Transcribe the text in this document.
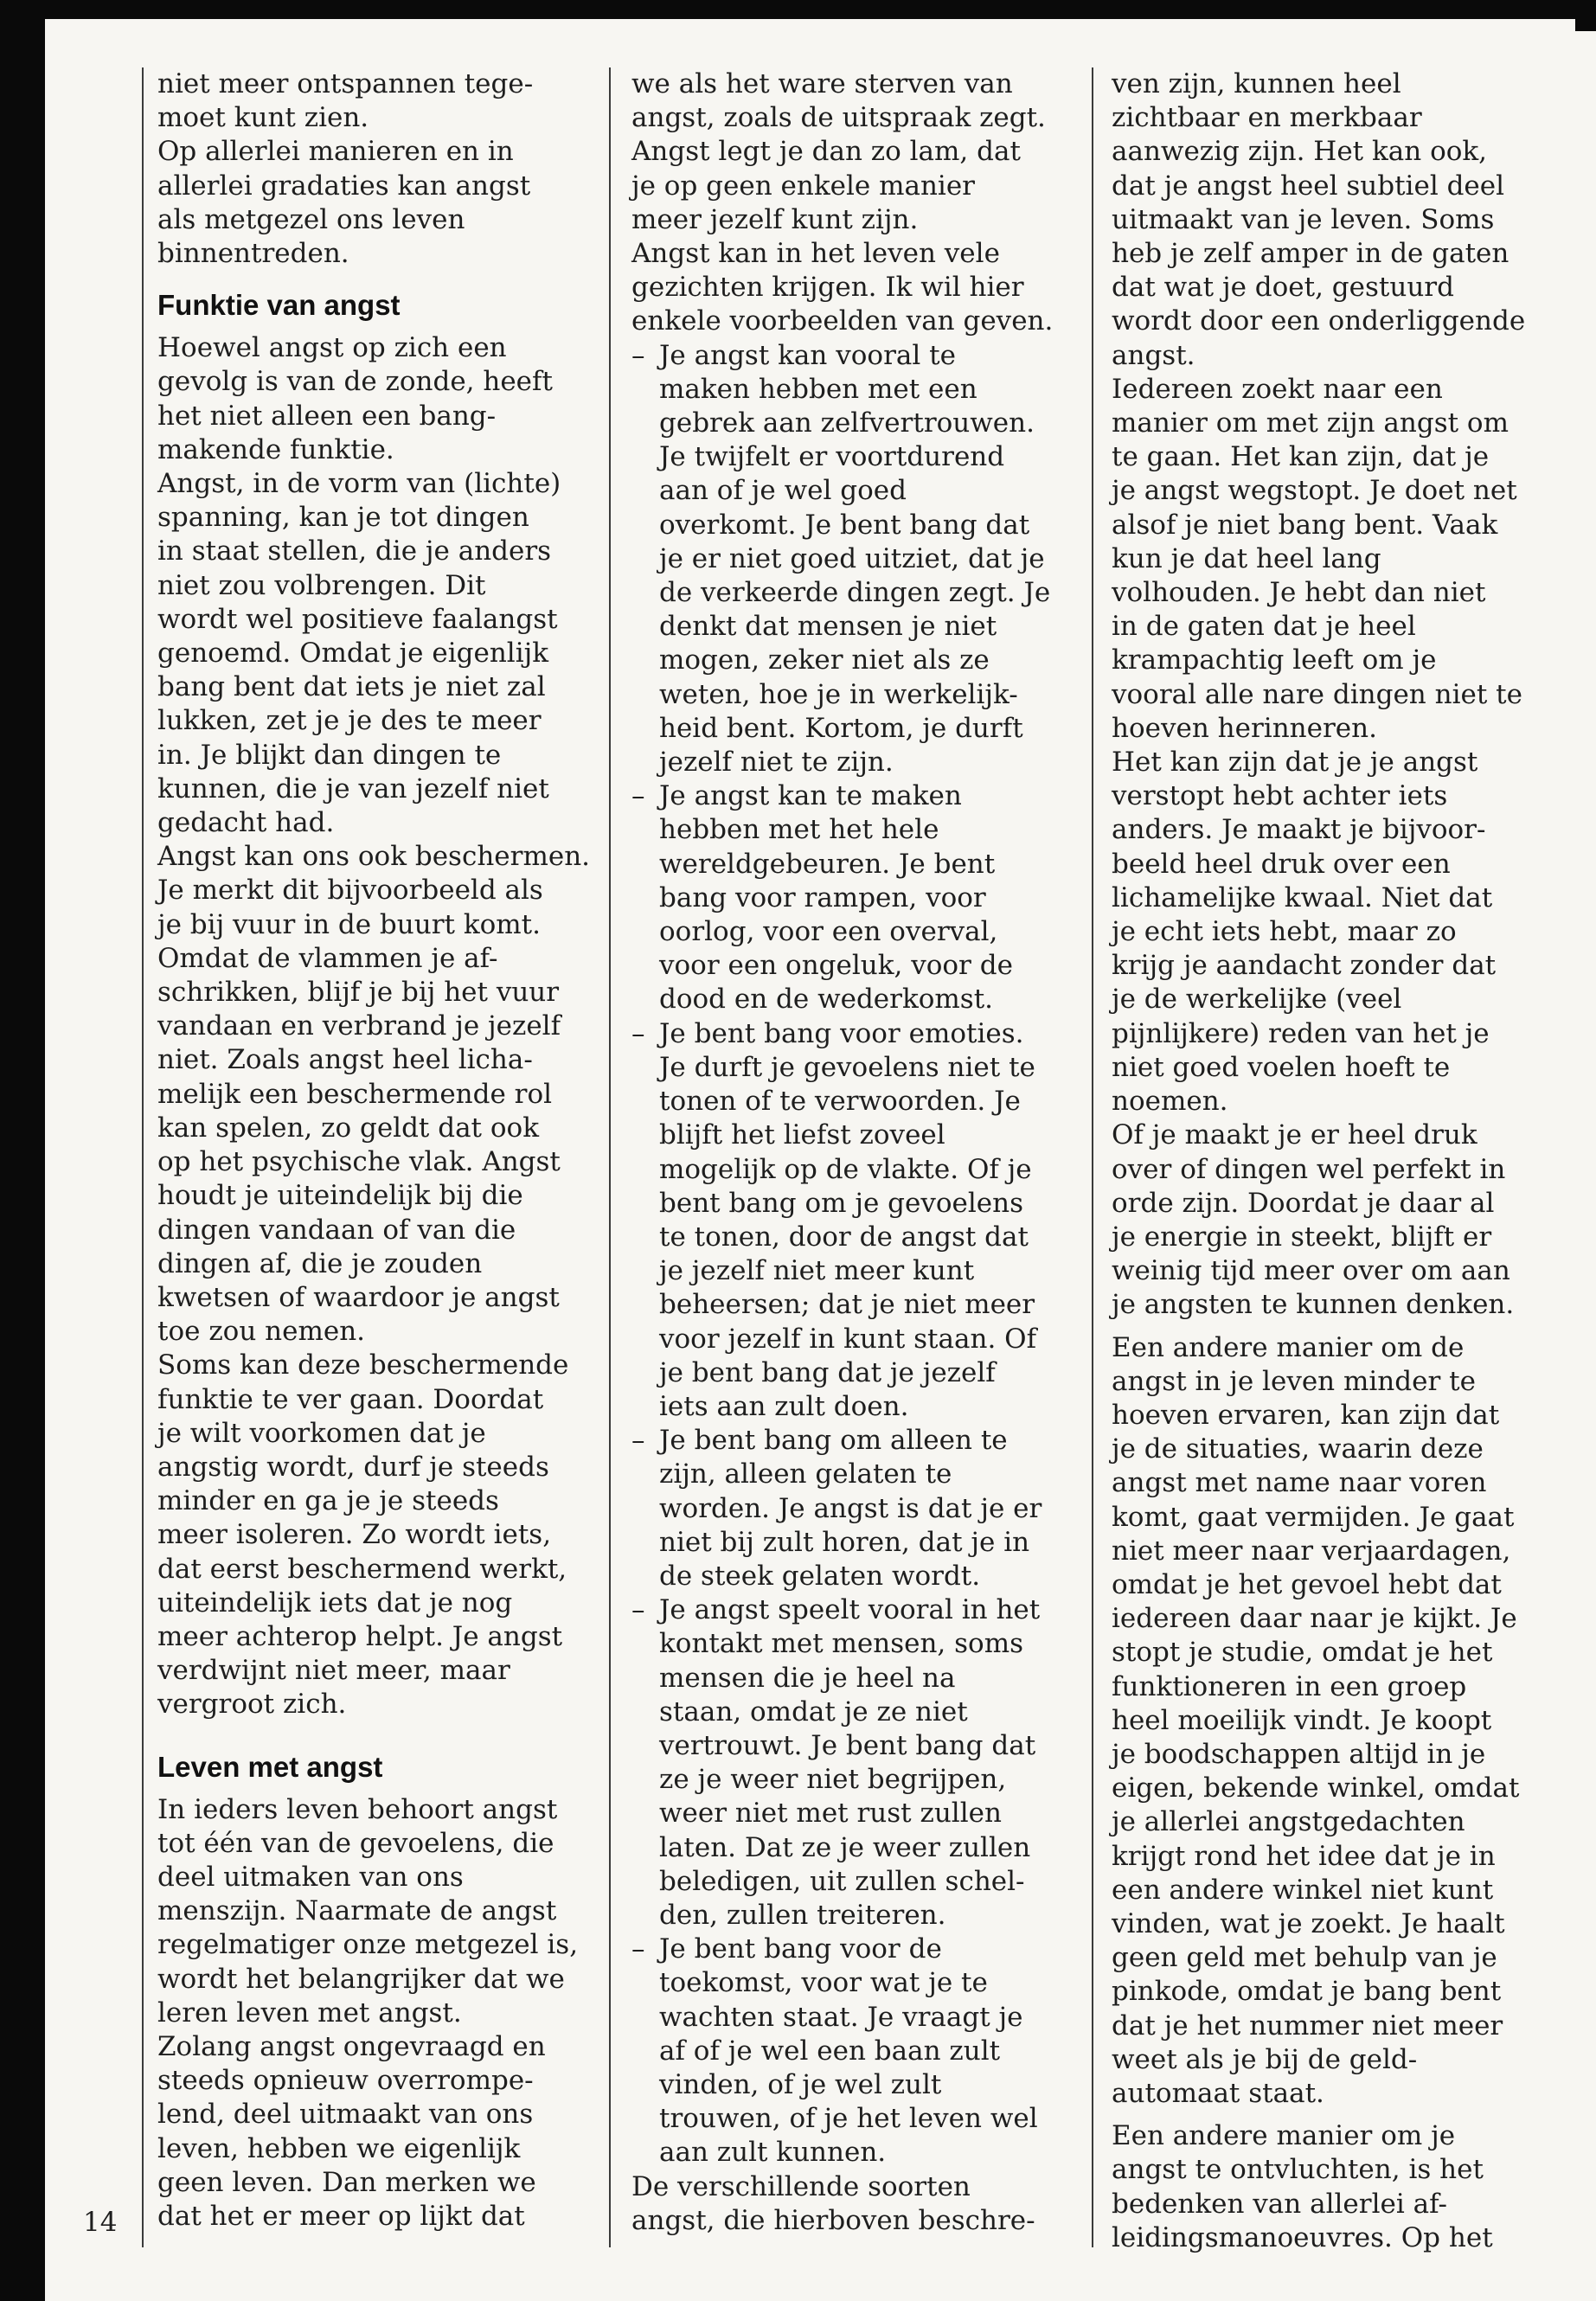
14

niet meer ontspannen tege-
moet kunt zien.

Op allerlei manieren en in
allerlei gradaties kan angst
als metgezel ons leven
binnentreden.

Funktie van angst

Hoewel angst op zich een
gevolg is van de zonde, heeft
het niet alleen een bang-
makende funktie.

Angst, in de vorm van (lichte)
spanning, kan je tot dingen
in staat stellen, die je anders
niet zou volbrengen. Dit
wordt wel positieve faalangst
genoemd. Omdat je eigenlijk
bang bent dat iets je niet zal
lukken, zet je je des te meer
in. Je blijkt dan dingen te
kunnen, die je van jezelf niet
gedacht had.

Angst kan ons ook beschermen.
Je merkt dit bijvoorbeeld als
je bij vuur in de buurt komt.
Omdat de vlammen je af-
schrikken, blijf je bij het vuur
vandaan en verbrand je jezelf
niet. Zoals angst heel licha-
melijk een beschermende rol
kan spelen, zo geldt dat ook
op het psychische vlak. Angst
houdt je uiteindelijk bij die
dingen vandaan of van die
dingen af, die je zouden
kwetsen of waardoor je angst
toe zou nemen.

Soms kan deze beschermende
funktie te ver gaan. Doordat
je wilt voorkomen dat je
angstig wordt, durf je steeds
minder en ga je je steeds
meer isoleren. Zo wordt iets,
dat eerst beschermend werkt,
uiteindelijk iets dat je nog
meer achterop helpt. Je angst
verdwijnt niet meer, maar
vergroot zich.

Leven met angst

In ieders leven behoort angst
tot één van de gevoelens, die
deel uitmaken van ons
menszijn. Naarmate de angst
regelmatiger onze metgezel is,
wordt het belangrijker dat we
leren leven met angst.

Zolang angst ongevraagd en
steeds opnieuw overrompe-
lend, deel uitmaakt van ons
leven, hebben we eigenlijk
geen leven. Dan merken we
dat het er meer op lijkt dat

we als het ware sterven van
angst, zoals de uitspraak zegt.
Angst legt je dan zo lam, dat
je op geen enkele manier
meer jezelf kunt zijn.

Angst kan in het leven vele
gezichten krijgen. Ik wil hier
enkele voorbeelden van geven.

– Je angst kan vooral te
maken hebben met een
gebrek aan zelfvertrouwen.
Je twijfelt er voortdurend
aan of je wel goed
overkomt. Je bent bang dat
je er niet goed uitziet, dat je
de verkeerde dingen zegt. Je
denkt dat mensen je niet
mogen, zeker niet als ze
weten, hoe je in werkelijk-
heid bent. Kortom, je durft
jezelf niet te zijn.
– Je angst kan te maken
hebben met het hele
wereldgebeuren. Je bent
bang voor rampen, voor
oorlog, voor een overval,
voor een ongeluk, voor de
dood en de wederkomst.
– Je bent bang voor emoties.
Je durft je gevoelens niet te
tonen of te verwoorden. Je
blijft het liefst zoveel
mogelijk op de vlakte. Of je
bent bang om je gevoelens
te tonen, door de angst dat
je jezelf niet meer kunt
beheersen; dat je niet meer
voor jezelf in kunt staan. Of
je bent bang dat je jezelf
iets aan zult doen.
– Je bent bang om alleen te
zijn, alleen gelaten te
worden. Je angst is dat je er
niet bij zult horen, dat je in
de steek gelaten wordt.
– Je angst speelt vooral in het
kontakt met mensen, soms
mensen die je heel na
staan, omdat je ze niet
vertrouwt. Je bent bang dat
ze je weer niet begrijpen,
weer niet met rust zullen
laten. Dat ze je weer zullen
beledigen, uit zullen schel-
den, zullen treiteren.
– Je bent bang voor de
toekomst, voor wat je te
wachten staat. Je vraagt je
af of je wel een baan zult
vinden, of je wel zult
trouwen, of je het leven wel
aan zult kunnen.

De verschillende soorten
angst, die hierboven beschre-

ven zijn, kunnen heel
zichtbaar en merkbaar
aanwezig zijn. Het kan ook,
dat je angst heel subtiel deel
uitmaakt van je leven. Soms
heb je zelf amper in de gaten
dat wat je doet, gestuurd
wordt door een onderliggende
angst.

Iedereen zoekt naar een
manier om met zijn angst om
te gaan. Het kan zijn, dat je
je angst wegstopt. Je doet net
alsof je niet bang bent. Vaak
kun je dat heel lang
volhouden. Je hebt dan niet
in de gaten dat je heel
krampachtig leeft om je
vooral alle nare dingen niet te
hoeven herinneren.

Het kan zijn dat je je angst
verstopt hebt achter iets
anders. Je maakt je bijvoor-
beeld heel druk over een
lichamelijke kwaal. Niet dat
je echt iets hebt, maar zo
krijg je aandacht zonder dat
je de werkelijke (veel
pijnlijkere) reden van het je
niet goed voelen hoeft te
noemen.

Of je maakt je er heel druk
over of dingen wel perfekt in
orde zijn. Doordat je daar al
je energie in steekt, blijft er
weinig tijd meer over om aan
je angsten te kunnen denken.

Een andere manier om de
angst in je leven minder te
hoeven ervaren, kan zijn dat
je de situaties, waarin deze
angst met name naar voren
komt, gaat vermijden. Je gaat
niet meer naar verjaardagen,
omdat je het gevoel hebt dat
iedereen daar naar je kijkt. Je
stopt je studie, omdat je het
funktioneren in een groep
heel moeilijk vindt. Je koopt
je boodschappen altijd in je
eigen, bekende winkel, omdat
je allerlei angstgedachten
krijgt rond het idee dat je in
een andere winkel niet kunt
vinden, wat je zoekt. Je haalt
geen geld met behulp van je
pinkode, omdat je bang bent
dat je het nummer niet meer
weet als je bij de geld-
automaat staat.

Een andere manier om je
angst te ontvluchten, is het
bedenken van allerlei af-
leidingsmanoeuvres. Op het
